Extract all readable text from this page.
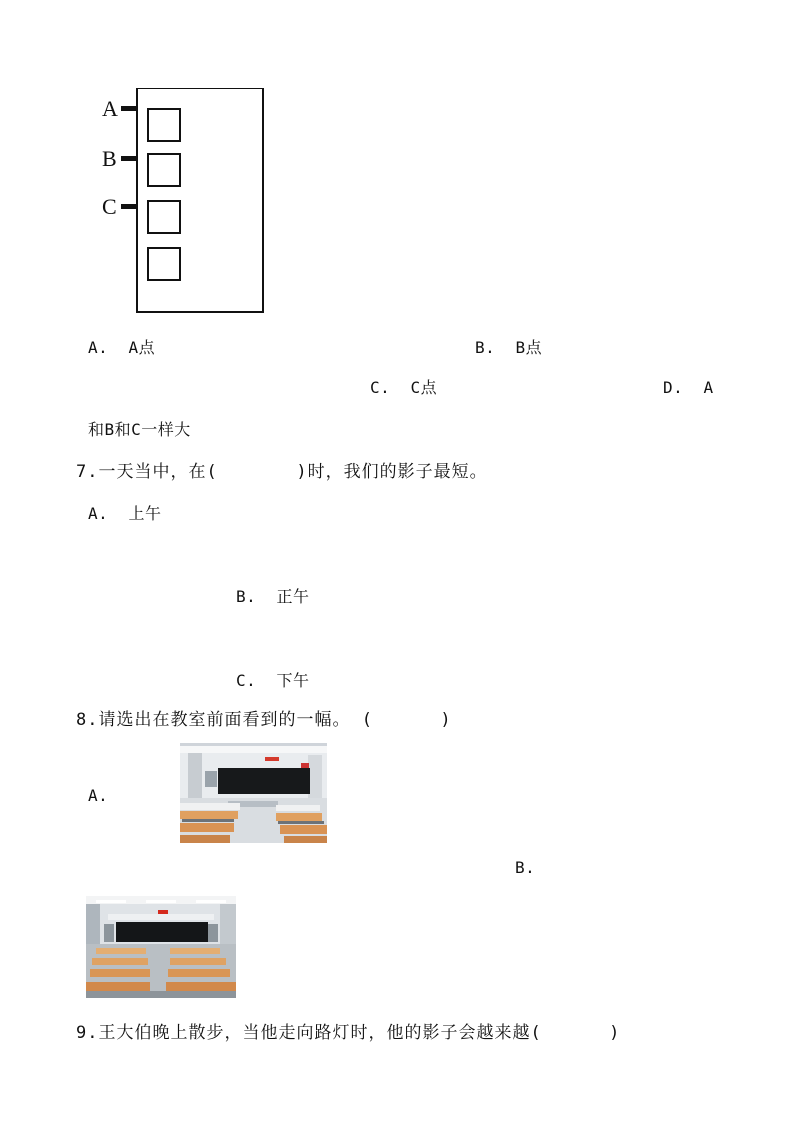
A
B
C
A.  A点	B.  B点
C.  C点	D.  A
和B和C一样大
7.一天当中，在(       )时，我们的影子最短。
A.  上午
B.  正午
C.  下午
8.请选出在教室前面看到的一幅。 (      )
A.
B.
9.王大伯晚上散步，当他走向路灯时，他的影子会越来越(      )
